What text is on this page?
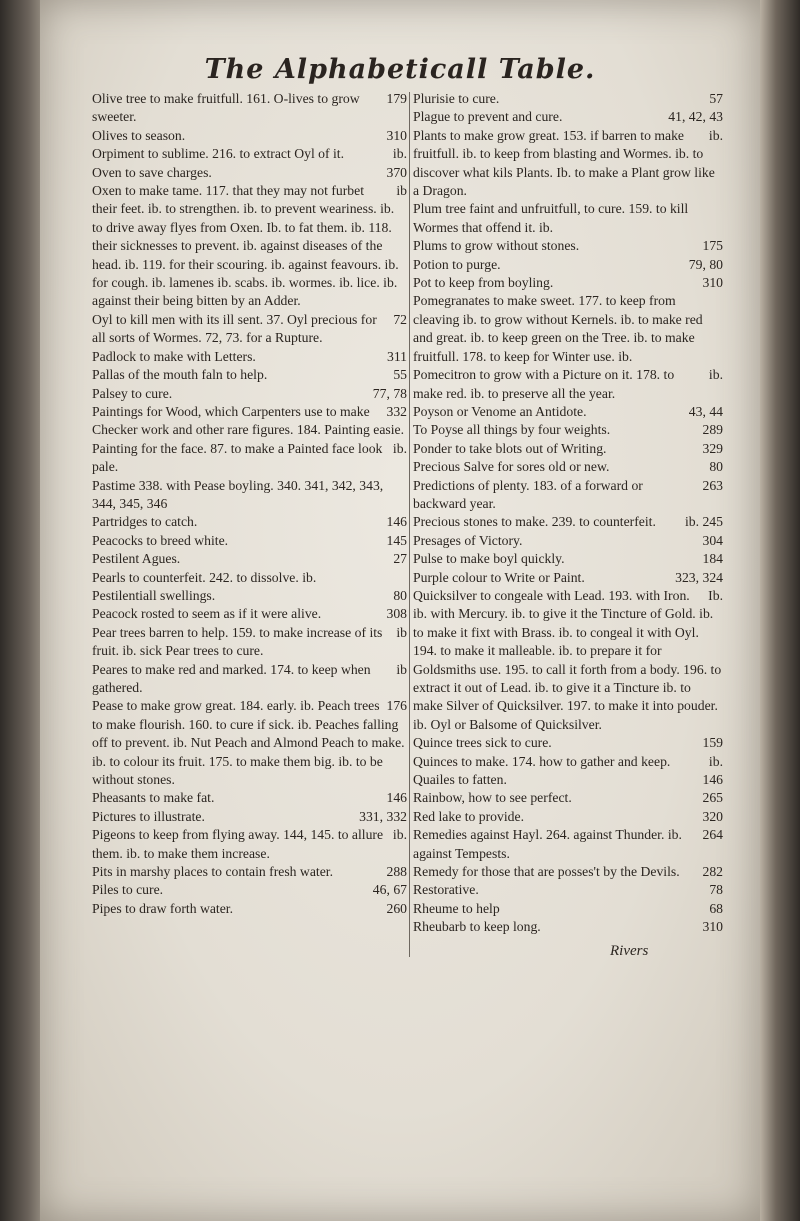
The Alphabeticall Table.

179
Olive tree to make fruitfull. 161. O-lives to grow sweeter.

310
Olives to season.

ib.
Orpiment to sublime. 216. to extract Oyl of it.

370
Oven to save charges.

ib
Oxen to make tame. 117. that they may not furbet their feet. ib. to strengthen. ib. to prevent weariness. ib. to drive away flyes from Oxen. Ib. to fat them. ib. 118. their sicknesses to prevent. ib. against diseases of the head. ib. 119. for their scouring. ib. against feavours. ib. for cough. ib. lamenes ib. scabs. ib. wormes. ib. lice. ib. against their being bitten by an Adder.

72
Oyl to kill men with its ill sent. 37. Oyl precious for all sorts of Wormes. 72, 73. for a Rupture.

311
Padlock to make with Letters.

55
Pallas of the mouth faln to help.

77, 78
Palsey to cure.

332
Paintings for Wood, which Carpenters use to make Checker work and other rare figures. 184. Painting easie.

ib.
Painting for the face. 87. to make a Painted face look pale.

Pastime 338. with Pease boyling. 340. 341, 342, 343, 344, 345, 346

146
Partridges to catch.

145
Peacocks to breed white.

27
Pestilent Agues.

Pearls to counterfeit. 242. to dissolve. ib.

80
Pestilentiall swellings.

308
Peacock rosted to seem as if it were alive.

ib
Pear trees barren to help. 159. to make increase of its fruit. ib. sick Pear trees to cure.

ib
Peares to make red and marked. 174. to keep when gathered.

176
Pease to make grow great. 184. early. ib. Peach trees to make flourish. 160. to cure if sick. ib. Peaches falling off to prevent. ib. Nut Peach and Almond Peach to make. ib. to colour its fruit. 175. to make them big. ib. to be without stones.

146
Pheasants to make fat.

331, 332
Pictures to illustrate.

ib.
Pigeons to keep from flying away. 144, 145. to allure them. ib. to make them increase.

288
Pits in marshy places to contain fresh water.

46, 67
Piles to cure.

260
Pipes to draw forth water.

57
Plurisie to cure.

41, 42, 43
Plague to prevent and cure.

ib.
Plants to make grow great. 153. if barren to make fruitfull. ib. to keep from blasting and Wormes. ib. to discover what kils Plants. Ib. to make a Plant grow like a Dragon.

Plum tree faint and unfruitfull, to cure. 159. to kill Wormes that offend it. ib.

175
Plums to grow without stones.

79, 80
Potion to purge.

310
Pot to keep from boyling.

Pomegranates to make sweet. 177. to keep from cleaving ib. to grow without Kernels. ib. to make red and great. ib. to keep green on the Tree. ib. to make fruitfull. 178. to keep for Winter use. ib.

ib.
Pomecitron to grow with a Picture on it. 178. to make red. ib. to preserve all the year.

43, 44
Poyson or Venome an Antidote.

289
To Poyse all things by four weights.

329
Ponder to take blots out of Writing.

80
Precious Salve for sores old or new.

263
Predictions of plenty. 183. of a forward or backward year.

ib. 245
Precious stones to make. 239. to counterfeit.

304
Presages of Victory.

184
Pulse to make boyl quickly.

323, 324
Purple colour to Write or Paint.

Ib.
Quicksilver to congeale with Lead. 193. with Iron. ib. with Mercury. ib. to give it the Tincture of Gold. ib. to make it fixt with Brass. ib. to congeal it with Oyl. 194. to make it malleable. ib. to prepare it for Goldsmiths use. 195. to call it forth from a body. 196. to extract it out of Lead. ib. to give it a Tincture ib. to make Silver of Quicksilver. 197. to make it into pouder. ib. Oyl or Balsome of Quicksilver.

159
Quince trees sick to cure.

ib.
Quinces to make. 174. how to gather and keep.

146
Quailes to fatten.

265
Rainbow, how to see perfect.

320
Red lake to provide.

264
Remedies against Hayl. 264. against Thunder. ib. against Tempests.

282
Remedy for those that are posses't by the Devils.

78
Restorative.

68
Rheume to help

310
Rheubarb to keep long.

Rivers
